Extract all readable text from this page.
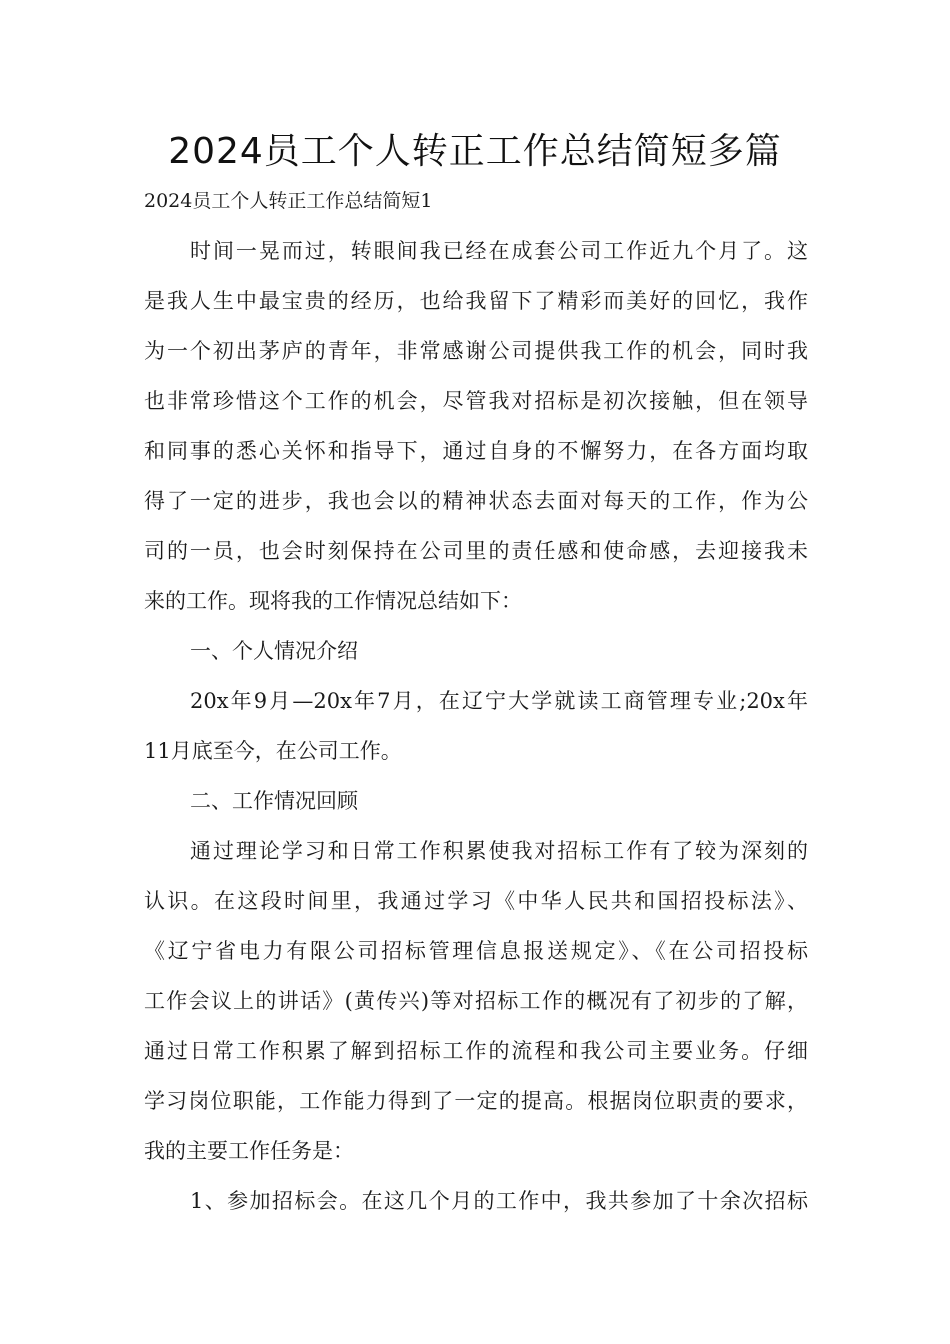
2024员工个人转正工作总结简短多篇
2024员工个人转正工作总结简短1
时间一晃而过，转眼间我已经在成套公司工作近九个月了。这
是我人生中最宝贵的经历，也给我留下了精彩而美好的回忆，我作
为一个初出茅庐的青年，非常感谢公司提供我工作的机会，同时我
也非常珍惜这个工作的机会，尽管我对招标是初次接触，但在领导
和同事的悉心关怀和指导下，通过自身的不懈努力，在各方面均取
得了一定的进步，我也会以的精神状态去面对每天的工作，作为公
司的一员，也会时刻保持在公司里的责任感和使命感，去迎接我未
来的工作。现将我的工作情况总结如下：
一、个人情况介绍
20x年9月—20x年7月，在辽宁大学就读工商管理专业;20x年
11月底至今，在公司工作。
二、工作情况回顾
通过理论学习和日常工作积累使我对招标工作有了较为深刻的
认识。在这段时间里，我通过学习《中华人民共和国招投标法》、
《辽宁省电力有限公司招标管理信息报送规定》、《在公司招投标
工作会议上的讲话》(黄传兴)等对招标工作的概况有了初步的了解，
通过日常工作积累了解到招标工作的流程和我公司主要业务。仔细
学习岗位职能，工作能力得到了一定的提高。根据岗位职责的要求，
我的主要工作任务是：
1、参加招标会。在这几个月的工作中，我共参加了十余次招标
